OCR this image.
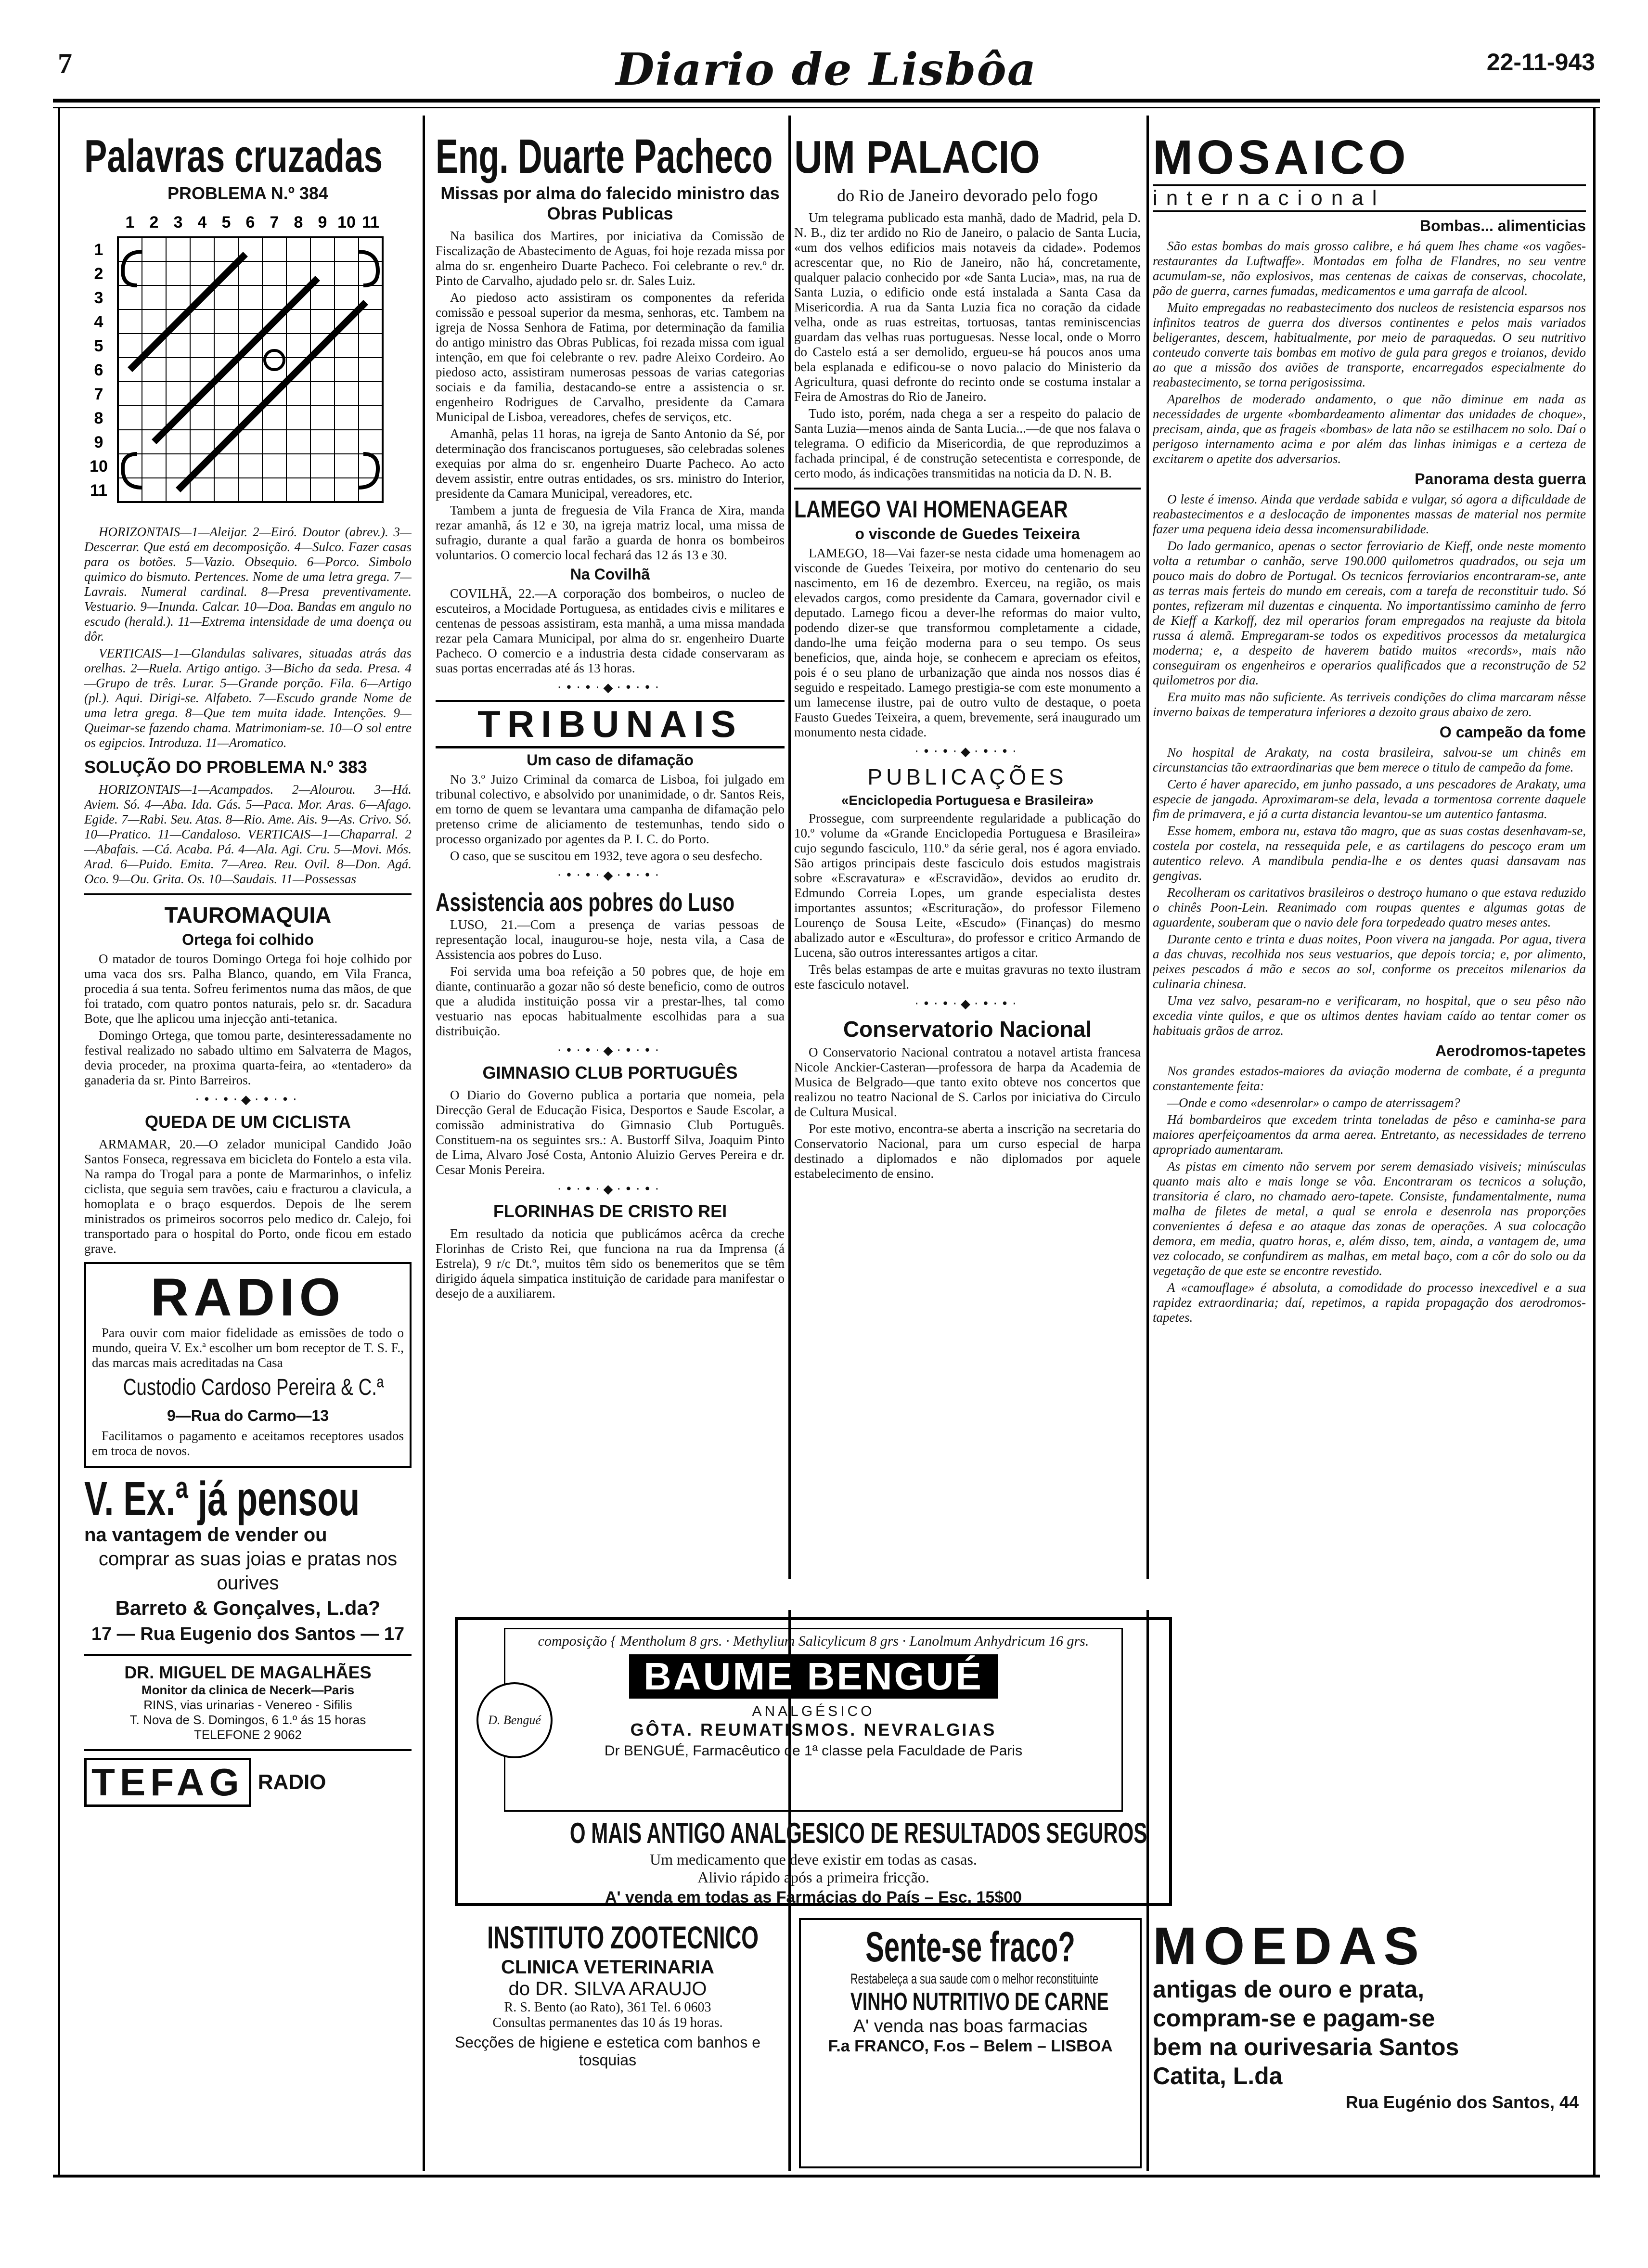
7	Diario de Lisbôa	22-11-943
Palavras cruzadas
PROBLEMA N.º 384
1 2 3 4 5 6 7 8 9 10 11
1
2
3
4
5
6
7
8
9
10
11

HORIZONTAIS—1—Aleijar. 2—Eiró. Doutor (abrev.). 3—Descerrar. Que está em decomposição. 4—Sulco. Fazer casas para os botões. 5—Vazio. Obsequio. 6—Porco. Simbolo quimico do bismuto. Pertences. Nome de uma letra grega. 7—Lavrais. Numeral cardinal. 8—Presa preventivamente. Vestuario. 9—Inunda. Calcar. 10—Doa. Bandas em angulo no escudo (herald.). 11—Extrema intensidade de uma doença ou dôr.

VERTICAIS—1—Glandulas salivares, situadas atrás das orelhas. 2—Ruela. Artigo antigo. 3—Bicho da seda. Presa. 4—Grupo de três. Lurar. 5—Grande porção. Fila. 6—Artigo (pl.). Aqui. Dirigi-se. Alfabeto. 7—Escudo grande Nome de uma letra grega. 8—Que tem muita idade. Intenções. 9—Queimar-se fazendo chama. Matrimoniam-se. 10—O sol entre os egipcios. Introduza. 11—Aromatico.

SOLUÇÃO DO PROBLEMA N.º 383

HORIZONTAIS—1—Acampados. 2—Alourou. 3—Há. Aviem. Só. 4—Aba. Ida. Gás. 5—Paca. Mor. Aras. 6—Afago. Egide. 7—Rabi. Seu. Atas. 8—Rio. Ame. Ais. 9—As. Crivo. Só. 10—Pratico. 11—Candaloso. VERTICAIS—1—Chaparral. 2—Abafais. —Cá. Acaba. Pá. 4—Ala. Agi. Cru. 5—Movi. Mós. Arad. 6—Puido. Emita. 7—Area. Reu. Ovil. 8—Don. Agá. Oco. 9—Ou. Grita. Os. 10—Saudais. 11—Possessas

TAUROMAQUIA
Ortega foi colhido

O matador de touros Domingo Ortega foi hoje colhido por uma vaca dos srs. Palha Blanco, quando, em Vila Franca, procedia á sua tenta. Sofreu ferimentos numa das mãos, de que foi tratado, com quatro pontos naturais, pelo sr. dr. Sacadura Bote, que lhe aplicou uma injecção anti-tetanica.

Domingo Ortega, que tomou parte, desinteressadamente no festival realizado no sabado ultimo em Salvaterra de Magos, devia proceder, na proxima quarta-feira, ao «tentadero» da ganaderia da sr. Pinto Barreiros.

·•·•·◆·•·•·
QUEDA DE UM CICLISTA

ARMAMAR, 20.—O zelador municipal Candido João Santos Fonseca, regressava em bicicleta do Fontelo a esta vila. Na rampa do Trogal para a ponte de Marmarinhos, o infeliz ciclista, que seguia sem travões, caiu e fracturou a clavicula, a homoplata e o braço esquerdos. Depois de lhe serem ministrados os primeiros socorros pelo medico dr. Calejo, foi transportado para o hospital do Porto, onde ficou em estado grave.

RADIO

Para ouvir com maior fidelidade as emissões de todo o mundo, queira V. Ex.ª escolher um bom receptor de T. S. F., das marcas mais acreditadas na Casa

Custodio Cardoso Pereira & C.ª
9—Rua do Carmo—13

Facilitamos o pagamento e aceitamos receptores usados em troca de novos.

V. Ex.ª já pensou
na vantagem de vender ou
comprar as suas joias e pratas nos ourives
Barreto & Gonçalves, L.da?
17 — Rua Eugenio dos Santos — 17
DR. MIGUEL DE MAGALHÃES
Monitor da clinica de Necerk—Paris
RINS, vias urinarias - Venereo - Sifilis
T. Nova de S. Domingos, 6 1.º ás 15 horas
TELEFONE 2 9062
TEFAG RADIO
Eng. Duarte Pacheco
Missas por alma do falecido ministro das Obras Publicas

Na basilica dos Martires, por iniciativa da Comissão de Fiscalização de Abastecimento de Aguas, foi hoje rezada missa por alma do sr. engenheiro Duarte Pacheco. Foi celebrante o rev.º dr. Pinto de Carvalho, ajudado pelo sr. dr. Sales Luiz.

Ao piedoso acto assistiram os componentes da referida comissão e pessoal superior da mesma, senhoras, etc. Tambem na igreja de Nossa Senhora de Fatima, por determinação da familia do antigo ministro das Obras Publicas, foi rezada missa com igual intenção, em que foi celebrante o rev. padre Aleixo Cordeiro. Ao piedoso acto, assistiram numerosas pessoas de varias categorias sociais e da familia, destacando-se entre a assistencia o sr. engenheiro Rodrigues de Carvalho, presidente da Camara Municipal de Lisboa, vereadores, chefes de serviços, etc.

Amanhã, pelas 11 horas, na igreja de Santo Antonio da Sé, por determinação dos franciscanos portugueses, são celebradas solenes exequias por alma do sr. engenheiro Duarte Pacheco. Ao acto devem assistir, entre outras entidades, os srs. ministro do Interior, presidente da Camara Municipal, vereadores, etc.

Tambem a junta de freguesia de Vila Franca de Xira, manda rezar amanhã, ás 12 e 30, na igreja matriz local, uma missa de sufragio, durante a qual farão a guarda de honra os bombeiros voluntarios. O comercio local fechará das 12 ás 13 e 30.

Na Covilhã

COVILHÃ, 22.—A corporação dos bombeiros, o nucleo de escuteiros, a Mocidade Portuguesa, as entidades civis e militares e centenas de pessoas assistiram, esta manhã, a uma missa mandada rezar pela Camara Municipal, por alma do sr. engenheiro Duarte Pacheco. O comercio e a industria desta cidade conservaram as suas portas encerradas até ás 13 horas.

·•·•·◆·•·•·
TRIBUNAIS
Um caso de difamação

No 3.º Juizo Criminal da comarca de Lisboa, foi julgado em tribunal colectivo, e absolvido por unanimidade, o dr. Santos Reis, em torno de quem se levantara uma campanha de difamação pelo pretenso crime de aliciamento de testemunhas, tendo sido o processo organizado por agentes da P. I. C. do Porto.

O caso, que se suscitou em 1932, teve agora o seu desfecho.

·•·•·◆·•·•·
Assistencia aos pobres do Luso

LUSO, 21.—Com a presença de varias pessoas de representação local, inaugurou-se hoje, nesta vila, a Casa de Assistencia aos pobres do Luso.

Foi servida uma boa refeição a 50 pobres que, de hoje em diante, continuarão a gozar não só deste beneficio, como de outros que a aludida instituição possa vir a prestar-lhes, tal como vestuario nas epocas habitualmente escolhidas para a sua distribuição.

·•·•·◆·•·•·
GIMNASIO CLUB PORTUGUÊS

O Diario do Governo publica a portaria que nomeia, pela Direcção Geral de Educação Fisica, Desportos e Saude Escolar, a comissão administrativa do Gimnasio Club Português. Constituem-na os seguintes srs.: A. Bustorff Silva, Joaquim Pinto de Lima, Alvaro José Costa, Antonio Aluizio Gerves Pereira e dr. Cesar Monis Pereira.

·•·•·◆·•·•·
FLORINHAS DE CRISTO REI

Em resultado da noticia que publicámos acêrca da creche Florinhas de Cristo Rei, que funciona na rua da Imprensa (á Estrela), 9 r/c Dt.º, muitos têm sido os benemeritos que se têm dirigido áquela simpatica instituição de caridade para manifestar o desejo de a auxiliarem.

UM PALACIO
do Rio de Janeiro devorado pelo fogo

Um telegrama publicado esta manhã, dado de Madrid, pela D. N. B., diz ter ardido no Rio de Janeiro, o palacio de Santa Lucia, «um dos velhos edificios mais notaveis da cidade». Podemos acrescentar que, no Rio de Janeiro, não há, concretamente, qualquer palacio conhecido por «de Santa Lucia», mas, na rua de Santa Luzia, o edificio onde está instalada a Santa Casa da Misericordia. A rua da Santa Luzia fica no coração da cidade velha, onde as ruas estreitas, tortuosas, tantas reminiscencias guardam das velhas ruas portuguesas. Nesse local, onde o Morro do Castelo está a ser demolido, ergueu-se há poucos anos uma bela esplanada e edificou-se o novo palacio do Ministerio da Agricultura, quasi defronte do recinto onde se costuma instalar a Feira de Amostras do Rio de Janeiro.

Tudo isto, porém, nada chega a ser a respeito do palacio de Santa Luzia—menos ainda de Santa Lucia...—de que nos falava o telegrama. O edificio da Misericordia, de que reproduzimos a fachada principal, é de construção setecentista e corresponde, de certo modo, ás indicações transmitidas na noticia da D. N. B.

LAMEGO VAI HOMENAGEAR
o visconde de Guedes Teixeira

LAMEGO, 18—Vai fazer-se nesta cidade uma homenagem ao visconde de Guedes Teixeira, por motivo do centenario do seu nascimento, em 16 de dezembro. Exerceu, na região, os mais elevados cargos, como presidente da Camara, governador civil e deputado. Lamego ficou a dever-lhe reformas do maior vulto, podendo dizer-se que transformou completamente a cidade, dando-lhe uma feição moderna para o seu tempo. Os seus beneficios, que, ainda hoje, se conhecem e apreciam os efeitos, pois é o seu plano de urbanização que ainda nos nossos dias é seguido e respeitado. Lamego prestigia-se com este monumento a um lamecense ilustre, pai de outro vulto de destaque, o poeta Fausto Guedes Teixeira, a quem, brevemente, será inaugurado um monumento nesta cidade.

·•·•·◆·•·•·
PUBLICAÇÕES
«Enciclopedia Portuguesa e Brasileira»

Prossegue, com surpreendente regularidade a publicação do 10.º volume da «Grande Enciclopedia Portuguesa e Brasileira» cujo segundo fasciculo, 110.º da série geral, nos é agora enviado. São artigos principais deste fasciculo dois estudos magistrais sobre «Escravatura» e «Escravidão», devidos ao erudito dr. Edmundo Correia Lopes, um grande especialista destes importantes assuntos; «Escrituração», do professor Filemeno Lourenço de Sousa Leite, «Escudo» (Finanças) do mesmo abalizado autor e «Escultura», do professor e critico Armando de Lucena, são outros interessantes artigos a citar.

Três belas estampas de arte e muitas gravuras no texto ilustram este fasciculo notavel.

·•·•·◆·•·•·
Conservatorio Nacional

O Conservatorio Nacional contratou a notavel artista francesa Nicole Anckier-Casteran—professora de harpa da Academia de Musica de Belgrado—que tanto exito obteve nos concertos que realizou no teatro Nacional de S. Carlos por iniciativa do Circulo de Cultura Musical.

Por este motivo, encontra-se aberta a inscrição na secretaria do Conservatorio Nacional, para um curso especial de harpa destinado a diplomados e não diplomados por aquele estabelecimento de ensino.

MOSAICO
internacional
Bombas... alimenticias

São estas bombas do mais grosso calibre, e há quem lhes chame «os vagões-restaurantes da Luftwaffe». Montadas em folha de Flandres, no seu ventre acumulam-se, não explosivos, mas centenas de caixas de conservas, chocolate, pão de guerra, carnes fumadas, medicamentos e uma garrafa de alcool.

Muito empregadas no reabastecimento dos nucleos de resistencia esparsos nos infinitos teatros de guerra dos diversos continentes e pelos mais variados beligerantes, descem, habitualmente, por meio de paraquedas. O seu nutritivo conteudo converte tais bombas em motivo de gula para gregos e troianos, devido ao que a missão dos aviões de transporte, encarregados especialmente do reabastecimento, se torna perigosissima.

Aparelhos de moderado andamento, o que não diminue em nada as necessidades de urgente «bombardeamento alimentar das unidades de choque», precisam, ainda, que as frageis «bombas» de lata não se estilhacem no solo. Daí o perigoso internamento acima e por além das linhas inimigas e a certeza de excitarem o apetite dos adversarios.

Panorama desta guerra

O leste é imenso. Ainda que verdade sabida e vulgar, só agora a dificuldade de reabastecimentos e a deslocação de imponentes massas de material nos permite fazer uma pequena ideia dessa incomensurabilidade.

Do lado germanico, apenas o sector ferroviario de Kieff, onde neste momento volta a retumbar o canhão, serve 190.000 quilometros quadrados, ou seja um pouco mais do dobro de Portugal. Os tecnicos ferroviarios encontraram-se, ante as terras mais ferteis do mundo em cereais, com a tarefa de reconstituir tudo. Só pontes, refizeram mil duzentas e cinquenta. No importantissimo caminho de ferro de Kieff a Karkoff, dez mil operarios foram empregados na reajuste da bitola russa á alemã. Empregaram-se todos os expeditivos processos da metalurgica moderna; e, a despeito de haverem batido muitos «records», mais não conseguiram os engenheiros e operarios qualificados que a reconstrução de 52 quilometros por dia.

Era muito mas não suficiente. As terriveis condições do clima marcaram nêsse inverno baixas de temperatura inferiores a dezoito graus abaixo de zero.

O campeão da fome

No hospital de Arakaty, na costa brasileira, salvou-se um chinês em circunstancias tão extraordinarias que bem merece o titulo de campeão da fome.

Certo é haver aparecido, em junho passado, a uns pescadores de Arakaty, uma especie de jangada. Aproximaram-se dela, levada a tormentosa corrente daquele fim de primavera, e já a curta distancia levantou-se um autentico fantasma.

Esse homem, embora nu, estava tão magro, que as suas costas desenhavam-se, costela por costela, na ressequida pele, e as cartilagens do pescoço eram um autentico relevo. A mandibula pendia-lhe e os dentes quasi dansavam nas gengivas.

Recolheram os caritativos brasileiros o destroço humano o que estava reduzido o chinês Poon-Lein. Reanimado com roupas quentes e algumas gotas de aguardente, souberam que o navio dele fora torpedeado quatro meses antes.

Durante cento e trinta e duas noites, Poon vivera na jangada. Por agua, tivera a das chuvas, recolhida nos seus vestuarios, que depois torcia; e, por alimento, peixes pescados á mão e secos ao sol, conforme os preceitos milenarios da culinaria chinesa.

Uma vez salvo, pesaram-no e verificaram, no hospital, que o seu pêso não excedia vinte quilos, e que os ultimos dentes haviam caído ao tentar comer os habituais grãos de arroz.

Aerodromos-tapetes

Nos grandes estados-maiores da aviação moderna de combate, é a pregunta constantemente feita:

—Onde e como «desenrolar» o campo de aterrissagem?

Há bombardeiros que excedem trinta toneladas de pêso e caminha-se para maiores aperfeiçoamentos da arma aerea. Entretanto, as necessidades de terreno apropriado aumentaram.

As pistas em cimento não servem por serem demasiado visiveis; minúsculas quanto mais alto e mais longe se vôa. Encontraram os tecnicos a solução, transitoria é claro, no chamado aero-tapete. Consiste, fundamentalmente, numa malha de filetes de metal, a qual se enrola e desenrola nas proporções convenientes á defesa e ao ataque das zonas de operações. A sua colocação demora, em media, quatro horas, e, além disso, tem, ainda, a vantagem de, uma vez colocado, se confundirem as malhas, em metal baço, com a côr do solo ou da vegetação de que este se encontre revestido.

A «camouflage» é absoluta, a comodidade do processo inexcedivel e a sua rapidez extraordinaria; daí, repetimos, a rapida propagação dos aerodromos-tapetes.

composição { Mentholum 8 grs. · Methylium Salicylicum 8 grs · Lanolmum Anhydricum 16 grs.
BAUME BENGUÉ
ANALGÉSICO
GÔTA. REUMATISMOS. NEVRALGIAS
Dr BENGUÉ, Farmacêutico de 1ª classe pela Faculdade de Paris
D. Bengué
O MAIS ANTIGO ANALGESICO DE RESULTADOS SEGUROS
Um medicamento que deve existir em todas as casas.
Alivio rápido após a primeira fricção.
A' venda em todas as Farmácias do País – Esc. 15$00
INSTITUTO ZOOTECNICO
CLINICA VETERINARIA
do DR. SILVA ARAUJO
R. S. Bento (ao Rato), 361 Tel. 6 0603
Consultas permanentes das 10 ás 19 horas.
Secções de higiene e estetica com banhos e tosquias
Sente-se fraco?
Restabeleça a sua saude com o melhor reconstituinte
VINHO NUTRITIVO DE CARNE
A' venda nas boas farmacias
F.a FRANCO, F.os – Belem – LISBOA
MOEDAS
antigas de ouro e prata,
compram-se e pagam-se
bem na ourivesaria Santos
Catita, L.da
Rua Eugénio dos Santos, 44
